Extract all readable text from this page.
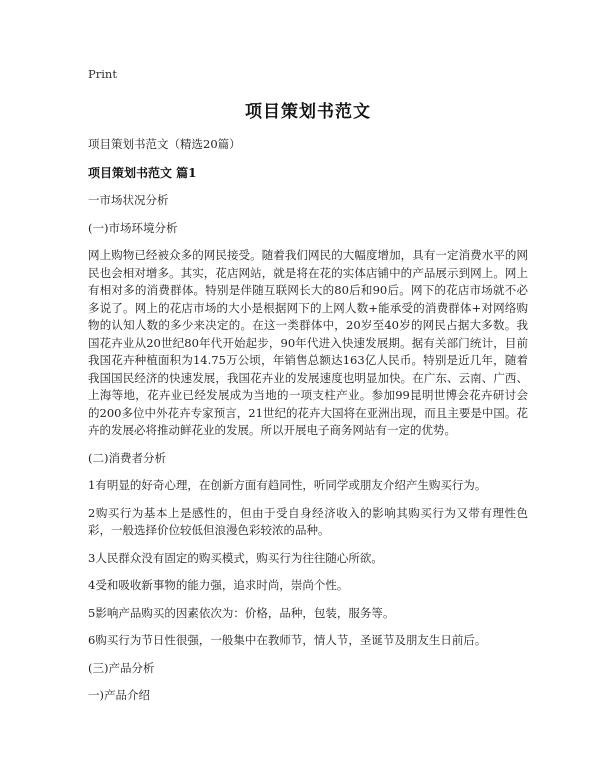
Print
项目策划书范文
项目策划书范文（精选20篇）
项目策划书范文 篇1
一市场状况分析
(一)市场环境分析
网上购物已经被众多的网民接受。随着我们网民的大幅度增加，具有一定消费水平的网民也会相对增多。其实，花店网站，就是将在花的实体店铺中的产品展示到网上。网上有相对多的消费群体。特别是伴随互联网长大的80后和90后。网下的花店市场就不必多说了。网上的花店市场的大小是根据网下的上网人数+能承受的消费群体+对网络购物的认知人数的多少来决定的。在这一类群体中，20岁至40岁的网民占据大多数。我国花卉业从20世纪80年代开始起步，90年代进入快速发展期。据有关部门统计，目前我国花卉种植面积为14.75万公顷，年销售总额达163亿人民币。特别是近几年，随着我国国民经济的快速发展，我国花卉业的发展速度也明显加快。在广东、云南、广西、上海等地，花卉业已经发展成为当地的一项支柱产业。参加99昆明世博会花卉研讨会的200多位中外花卉专家预言，21世纪的花卉大国将在亚洲出现，而且主要是中国。花卉的发展必将推动鲜花业的发展。所以开展电子商务网站有一定的优势。
(二)消费者分析
1有明显的好奇心理，在创新方面有趋同性，听同学或朋友介绍产生购买行为。
2购买行为基本上是感性的，但由于受自身经济收入的影响其购买行为又带有理性色彩，一般选择价位较低但浪漫色彩较浓的品种。
3人民群众没有固定的购买模式，购买行为往往随心所欲。
4受和吸收新事物的能力强，追求时尚，崇尚个性。
5影响产品购买的因素依次为：价格，品种，包装，服务等。
6购买行为节日性很强，一般集中在教师节，情人节，圣诞节及朋友生日前后。
(三)产品分析
一)产品介绍
